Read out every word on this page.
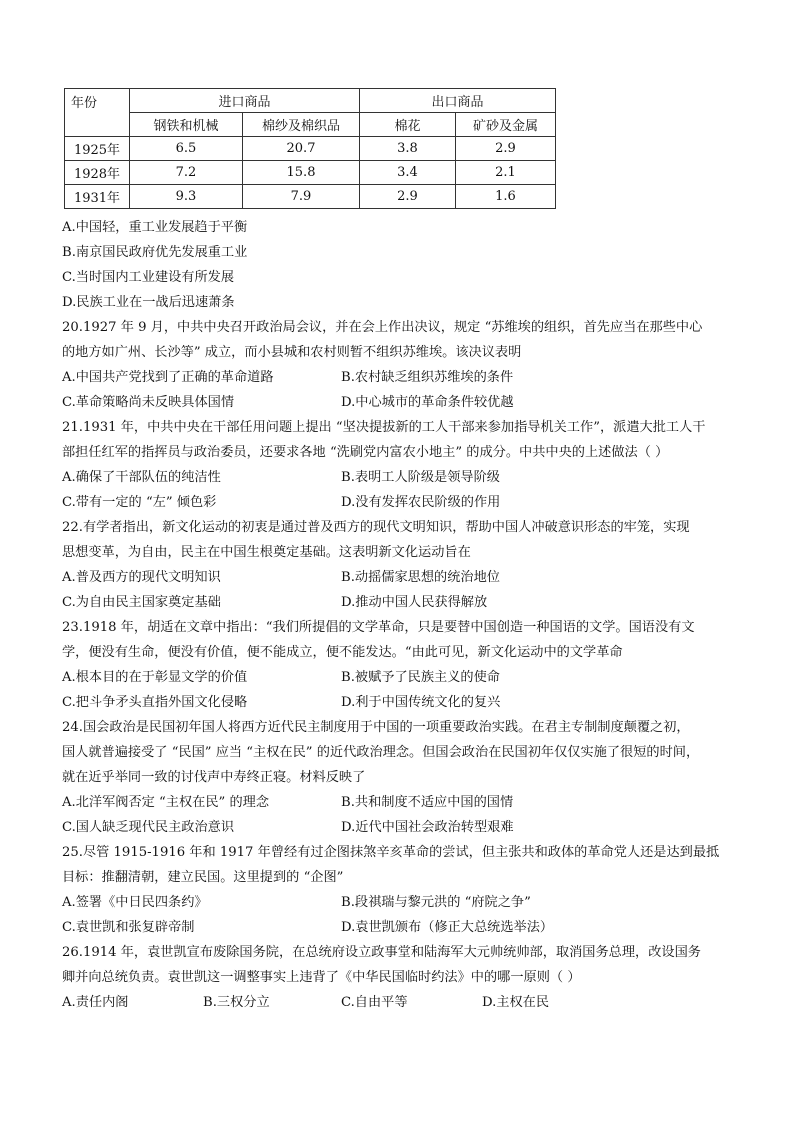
年份	进口商品		出口商品	
	钢铁和机械	棉纱及棉织品	棉花	矿砂及金属
1925年	6.5	20.7	3.8	2.9
1928年	7.2	15.8	3.4	2.1
1931年	9.3	7.9	2.9	1.6
A.中国轻，重工业发展趋于平衡
B.南京国民政府优先发展重工业
C.当时国内工业建设有所发展
D.民族工业在一战后迅速萧条
20.1927 年 9 月，中共中央召开政治局会议，并在会上作出决议，规定 “苏维埃的组织，首先应当在那些中心
的地方如广州、长沙等” 成立，而小县城和农村则暂不组织苏维埃。该决议表明
A.中国共产党找到了正确的革命道路	B.农村缺乏组织苏维埃的条件
C.革命策略尚未反映具体国情	D.中心城市的革命条件较优越
21.1931 年，中共中央在干部任用问题上提出 “坚决提拔新的工人干部来参加指导机关工作”，派遣大批工人干
部担任红军的指挥员与政治委员，还要求各地 “洗刷党内富农小地主” 的成分。中共中央的上述做法（ ）
A.确保了干部队伍的纯洁性	B.表明工人阶级是领导阶级
C.带有一定的 “左” 倾色彩	D.没有发挥农民阶级的作用
22.有学者指出，新文化运动的初衷是通过普及西方的现代文明知识，帮助中国人冲破意识形态的牢笼，实现
思想变革，为自由，民主在中国生根奠定基础。这表明新文化运动旨在
A.普及西方的现代文明知识	B.动摇儒家思想的统治地位
C.为自由民主国家奠定基础	D.推动中国人民获得解放
23.1918 年，胡适在文章中指出：“我们所提倡的文学革命，只是要替中国创造一种国语的文学。国语没有文
学，便没有生命，便没有价值，便不能成立，便不能发达。“由此可见，新文化运动中的文学革命
A.根本目的在于彰显文学的价值	B.被赋予了民族主义的使命
C.把斗争矛头直指外国文化侵略	D.利于中国传统文化的复兴
24.国会政治是民国初年国人将西方近代民主制度用于中国的一项重要政治实践。在君主专制制度颠覆之初，
国人就普遍接受了 “民国” 应当 “主权在民” 的近代政治理念。但国会政治在民国初年仅仅实施了很短的时间，
就在近乎举同一致的讨伐声中寿终正寝。材料反映了
A.北洋军阀否定 “主权在民” 的理念	B.共和制度不适应中国的国情
C.国人缺乏现代民主政治意识	D.近代中国社会政治转型艰难
25.尽管 1915-1916 年和 1917 年曾经有过企图抹煞辛亥革命的尝试，但主张共和政体的革命党人还是达到最抵
目标：推翻清朝，建立民国。这里提到的 “企图”
A.签署《中日民四条约》	B.段祺瑞与黎元洪的 “府院之争”
C.袁世凯和张复辟帝制	D.袁世凯颁布（修正大总统选举法）
26.1914 年，袁世凯宣布废除国务院，在总统府设立政事堂和陆海军大元帅统帅部，取消国务总理，改设国务
卿并向总统负责。袁世凯这一调整事实上违背了《中华民国临时约法》中的哪一原则（ ）
A.责任内阁	B.三权分立	C.自由平等	D.主权在民
